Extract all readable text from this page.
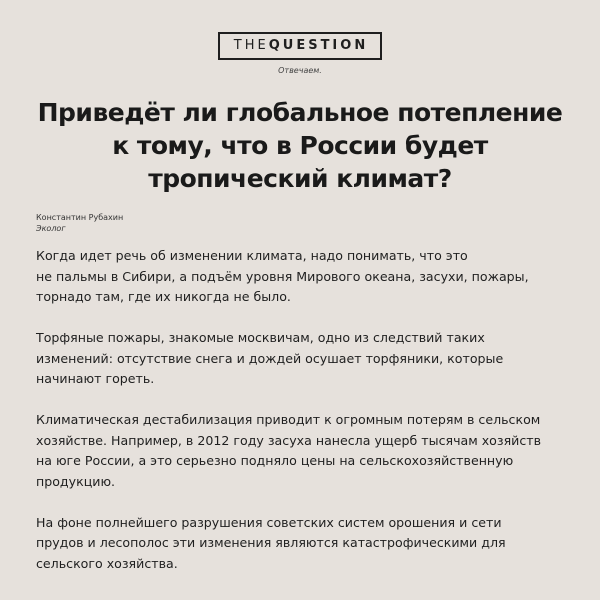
THEQUESTION
Отвечаем.
Приведёт ли глобальное потепление
к тому, что в России будет
тропический климат?
Константин Рубахин
Эколог

Когда идет речь об изменении климата, надо понимать, что это
не пальмы в Сибири, а подъём уровня Мирового океана, засухи, пожары,
торнадо там, где их никогда не было.

Торфяные пожары, знакомые москвичам, одно из следствий таких
изменений: отсутствие снега и дождей осушает торфяники, которые
начинают гореть.

Климатическая дестабилизация приводит к огромным потерям в сельском
хозяйстве. Например, в 2012 году засуха нанесла ущерб тысячам хозяйств
на юге России, а это серьезно подняло цены на сельскохозяйственную
продукцию.

На фоне полнейшего разрушения советских систем орошения и сети
прудов и лесополос эти изменения являются катастрофическими для
сельского хозяйства.
